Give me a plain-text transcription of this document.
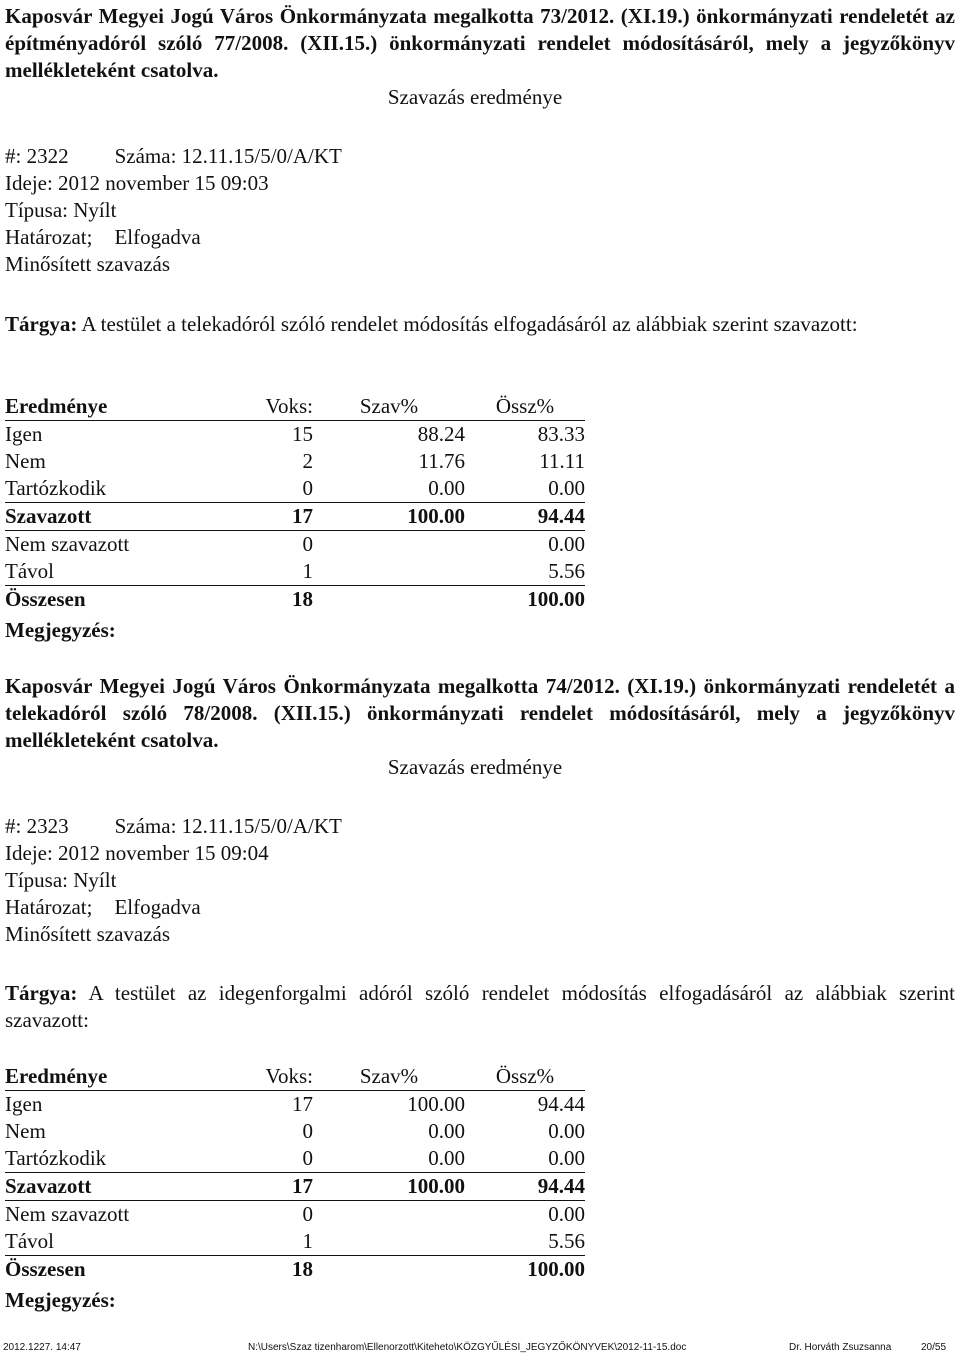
Kaposvár Megyei Jogú Város Önkormányzata megalkotta 73/2012. (XI.19.) önkormányzati rendeletét az építményadóról szóló 77/2008. (XII.15.) önkormányzati rendelet módosításáról, mely a jegyzőkönyv mellékleteként csatolva.

Szavazás eredménye

#: 2322 Száma: 12.11.15/5/0/A/KT
Ideje: 2012 november 15 09:03
Típusa: Nyílt
Határozat; Elfogadva
Minősített szavazás

Tárgya: A testület a telekadóról szóló rendelet módosítás elfogadásáról az alábbiak szerint szavazott:

Eredménye	Voks:	Szav%	Össz%
Igen	15	88.24	83.33
Nem	2	11.76	11.11
Tartózkodik	0	0.00	0.00
Szavazott	17	100.00	94.44
Nem szavazott	0		0.00
Távol	1		5.56
Összesen	18		100.00
Megjegyzés:

Kaposvár Megyei Jogú Város Önkormányzata megalkotta 74/2012. (XI.19.) önkormányzati rendeletét a telekadóról szóló 78/2008. (XII.15.) önkormányzati rendelet módosításáról, mely a jegyzőkönyv mellékleteként csatolva.

Szavazás eredménye

#: 2323 Száma: 12.11.15/5/0/A/KT
Ideje: 2012 november 15 09:04
Típusa: Nyílt
Határozat; Elfogadva
Minősített szavazás

Tárgya: A testület az idegenforgalmi adóról szóló rendelet módosítás elfogadásáról az alábbiak szerint szavazott:

Eredménye	Voks:	Szav%	Össz%
Igen	17	100.00	94.44
Nem	0	0.00	0.00
Tartózkodik	0	0.00	0.00
Szavazott	17	100.00	94.44
Nem szavazott	0		0.00
Távol	1		5.56
Összesen	18		100.00
Megjegyzés:
2012.1227. 14:47	N:\Users\Szaz tizenharom\Ellenorzott\Kiteheto\KÖZGYŰLÉSI_JEGYZŐKÖNYVEK\2012-11-15.doc	Dr. Horváth Zsuzsanna	20/55
